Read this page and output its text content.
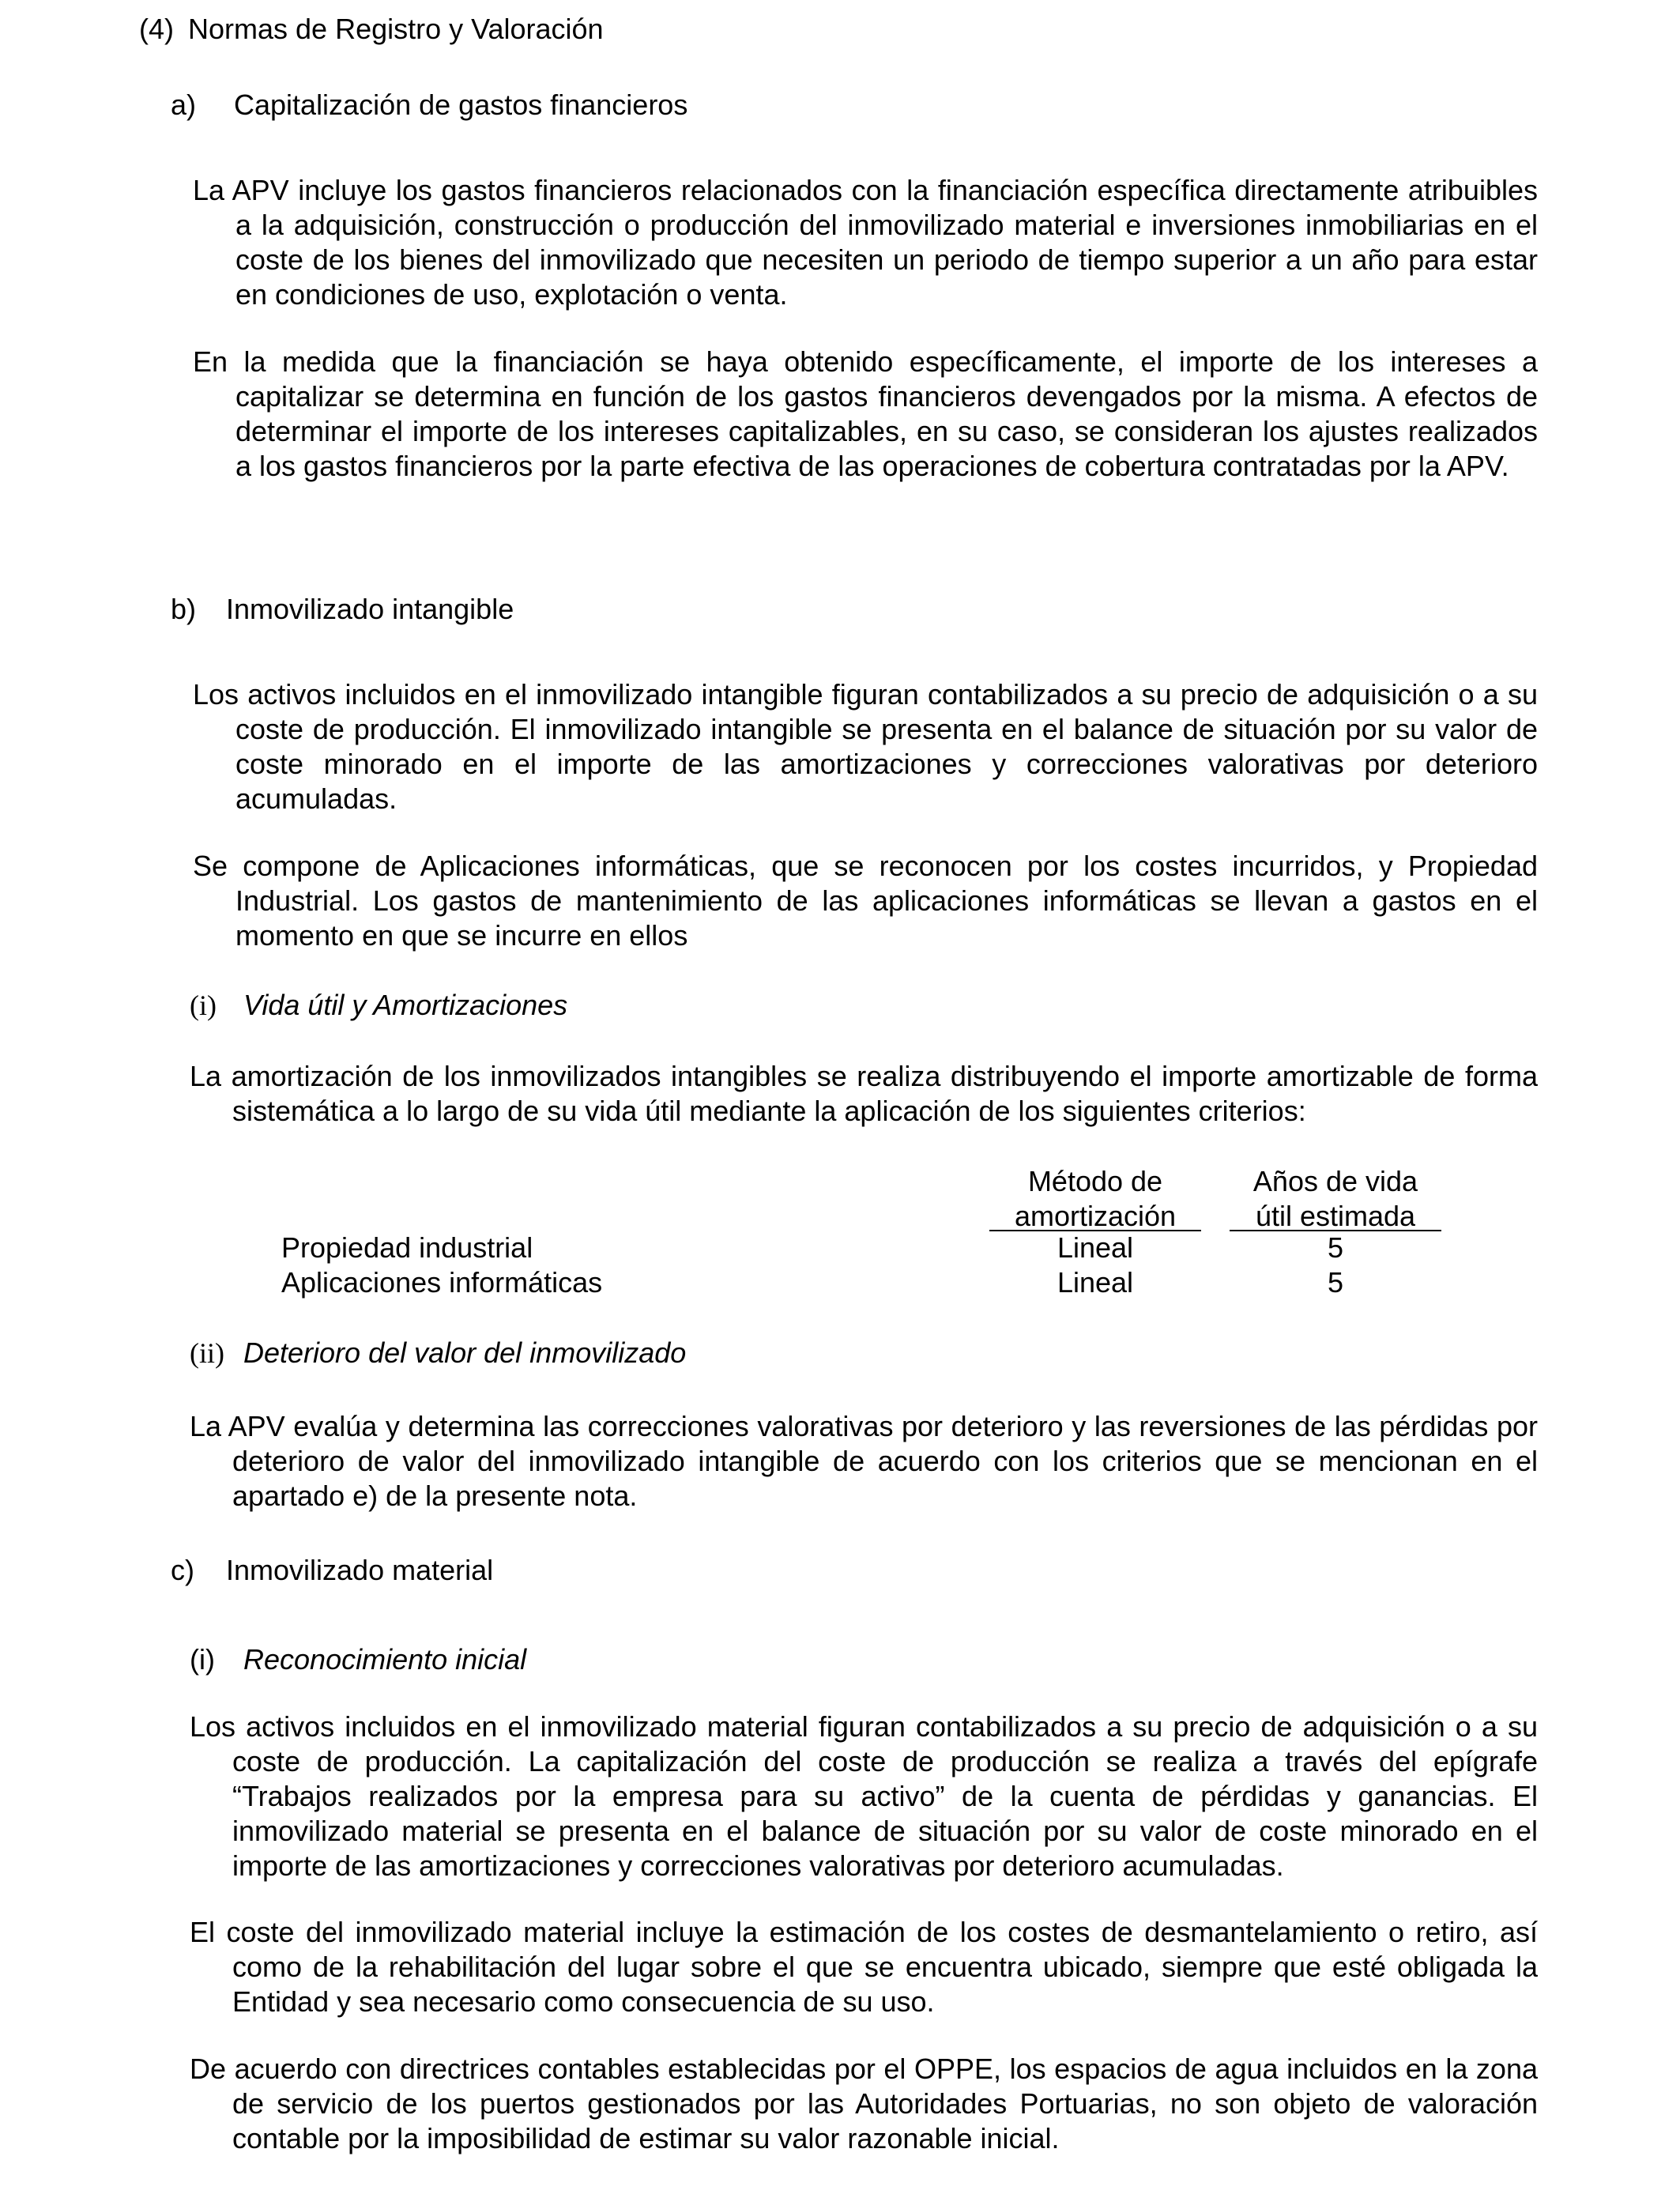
(4) Normas de Registro y Valoración
a) Capitalización de gastos financieros

La APV incluye los gastos financieros relacionados con la financiación específica directamente atribuibles a la adquisición, construcción o producción del inmovilizado material e inversiones inmobiliarias en el coste de los bienes del inmovilizado que necesiten un periodo de tiempo superior a un año para estar en condiciones de uso, explotación o venta.

En la medida que la financiación se haya obtenido específicamente, el importe de los intereses a capitalizar se determina en función de los gastos financieros devengados por la misma. A efectos de determinar el importe de los intereses capitalizables, en su caso, se consideran los ajustes realizados a los gastos financieros por la parte efectiva de las operaciones de cobertura contratadas por la APV.

b) Inmovilizado intangible

Los activos incluidos en el inmovilizado intangible figuran contabilizados a su precio de adquisición o a su coste de producción. El inmovilizado intangible se presenta en el balance de situación por su valor de coste minorado en el importe de las amortizaciones y correcciones valorativas por deterioro acumuladas.

Se compone de Aplicaciones informáticas, que se reconocen por los costes incurridos, y Propiedad Industrial. Los gastos de mantenimiento de las aplicaciones informáticas se llevan a gastos en el momento en que se incurre en ellos

(i) Vida útil y Amortizaciones

La amortización de los inmovilizados intangibles se realiza distribuyendo el importe amortizable de forma sistemática a lo largo de su vida útil mediante la aplicación de los siguientes criterios:

Método de
amortización
Años de vida
útil estimada
Propiedad industrial	Lineal	5
Aplicaciones informáticas	Lineal	5
(ii) Deterioro del valor del inmovilizado

La APV evalúa y determina las correcciones valorativas por deterioro y las reversiones de las pérdidas por deterioro de valor del inmovilizado intangible de acuerdo con los criterios que se mencionan en el apartado e) de la presente nota.

c) Inmovilizado material
(i) Reconocimiento inicial

Los activos incluidos en el inmovilizado material figuran contabilizados a su precio de adquisición o a su coste de producción. La capitalización del coste de producción se realiza a través del epígrafe “Trabajos realizados por la empresa para su activo” de la cuenta de pérdidas y ganancias. El inmovilizado material se presenta en el balance de situación por su valor de coste minorado en el importe de las amortizaciones y correcciones valorativas por deterioro acumuladas.

El coste del inmovilizado material incluye la estimación de los costes de desmantelamiento o retiro, así como de la rehabilitación del lugar sobre el que se encuentra ubicado, siempre que esté obligada la Entidad y sea necesario como consecuencia de su uso.

De acuerdo con directrices contables establecidas por el OPPE, los espacios de agua incluidos en la zona de servicio de los puertos gestionados por las Autoridades Portuarias, no son objeto de valoración contable por la imposibilidad de estimar su valor razonable inicial.
